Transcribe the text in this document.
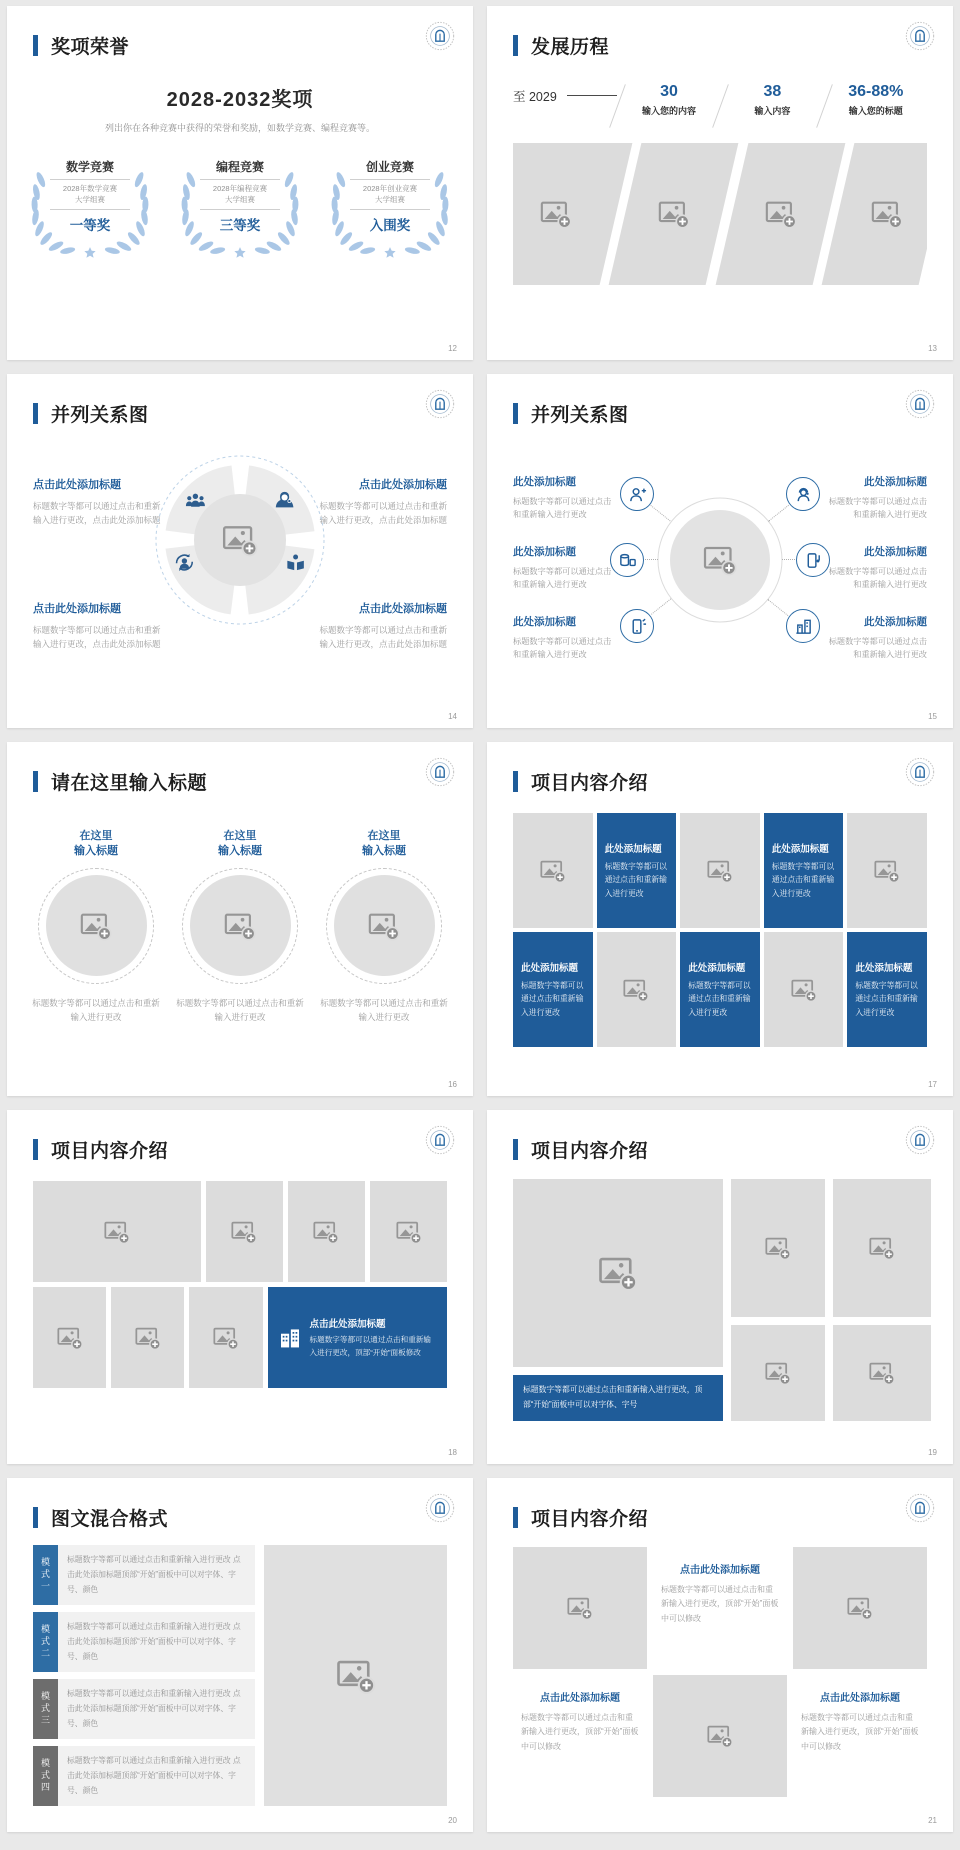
奖项荣誉
2028-2032奖项
列出你在各种竞赛中获得的荣誉和奖励，如数学竞赛、编程竞赛等。
数学竞赛
2028年数学竞赛
大学组赛
一等奖
编程竞赛
2028年编程竞赛
大学组赛
三等奖
创业竞赛
2028年创业竞赛
大学组赛
入围奖
12
发展历程
至 2029	30
输入您的内容
38
输入内容
36-88%
输入您的标题
13
并列关系图
点击此处添加标题
标题数字等都可以通过点击和重新输入进行更改，点击此处添加标题
点击此处添加标题
标题数字等都可以通过点击和重新输入进行更改，点击此处添加标题
点击此处添加标题
标题数字等都可以通过点击和重新输入进行更改，点击此处添加标题
点击此处添加标题
标题数字等都可以通过点击和重新输入进行更改，点击此处添加标题
14
并列关系图
此处添加标题
标题数字等都可以通过点击和重新输入进行更改
此处添加标题
标题数字等都可以通过点击和重新输入进行更改
此处添加标题
标题数字等都可以通过点击和重新输入进行更改
此处添加标题
标题数字等都可以通过点击和重新输入进行更改
此处添加标题
标题数字等都可以通过点击和重新输入进行更改
此处添加标题
标题数字等都可以通过点击和重新输入进行更改
15
请在这里输入标题
在这里
输入标题

标题数字等都可以通过点击和重新输入进行更改

在这里
输入标题

标题数字等都可以通过点击和重新输入进行更改

在这里
输入标题

标题数字等都可以通过点击和重新输入进行更改

16
项目内容介绍
此处添加标题

标题数字等都可以通过点击和重新输入进行更改

此处添加标题

标题数字等都可以通过点击和重新输入进行更改

此处添加标题

标题数字等都可以通过点击和重新输入进行更改

此处添加标题

标题数字等都可以通过点击和重新输入进行更改

此处添加标题

标题数字等都可以通过点击和重新输入进行更改

17
项目内容介绍
点击此处添加标题

标题数字等都可以通过点击和重新输入进行更改，顶部“开始”面板修改

18
项目内容介绍
标题数字等都可以通过点击和重新输入进行更改，顶部“开始”面板中可以对字体、字号
19
图文混合格式
模式一	标题数字等都可以通过点击和重新输入进行更改 点击此处添加标题顶部“开始”面板中可以对字体、字号、颜色
模式二	标题数字等都可以通过点击和重新输入进行更改 点击此处添加标题顶部“开始”面板中可以对字体、字号、颜色
模式三	标题数字等都可以通过点击和重新输入进行更改 点击此处添加标题顶部“开始”面板中可以对字体、字号、颜色
模式四	标题数字等都可以通过点击和重新输入进行更改 点击此处添加标题顶部“开始”面板中可以对字体、字号、颜色
20
项目内容介绍
点击此处添加标题

标题数字等都可以通过点击和重新输入进行更改，顶部“开始”面板中可以修改

点击此处添加标题

标题数字等都可以通过点击和重新输入进行更改，顶部“开始”面板中可以修改

点击此处添加标题

标题数字等都可以通过点击和重新输入进行更改，顶部“开始”面板中可以修改

21
